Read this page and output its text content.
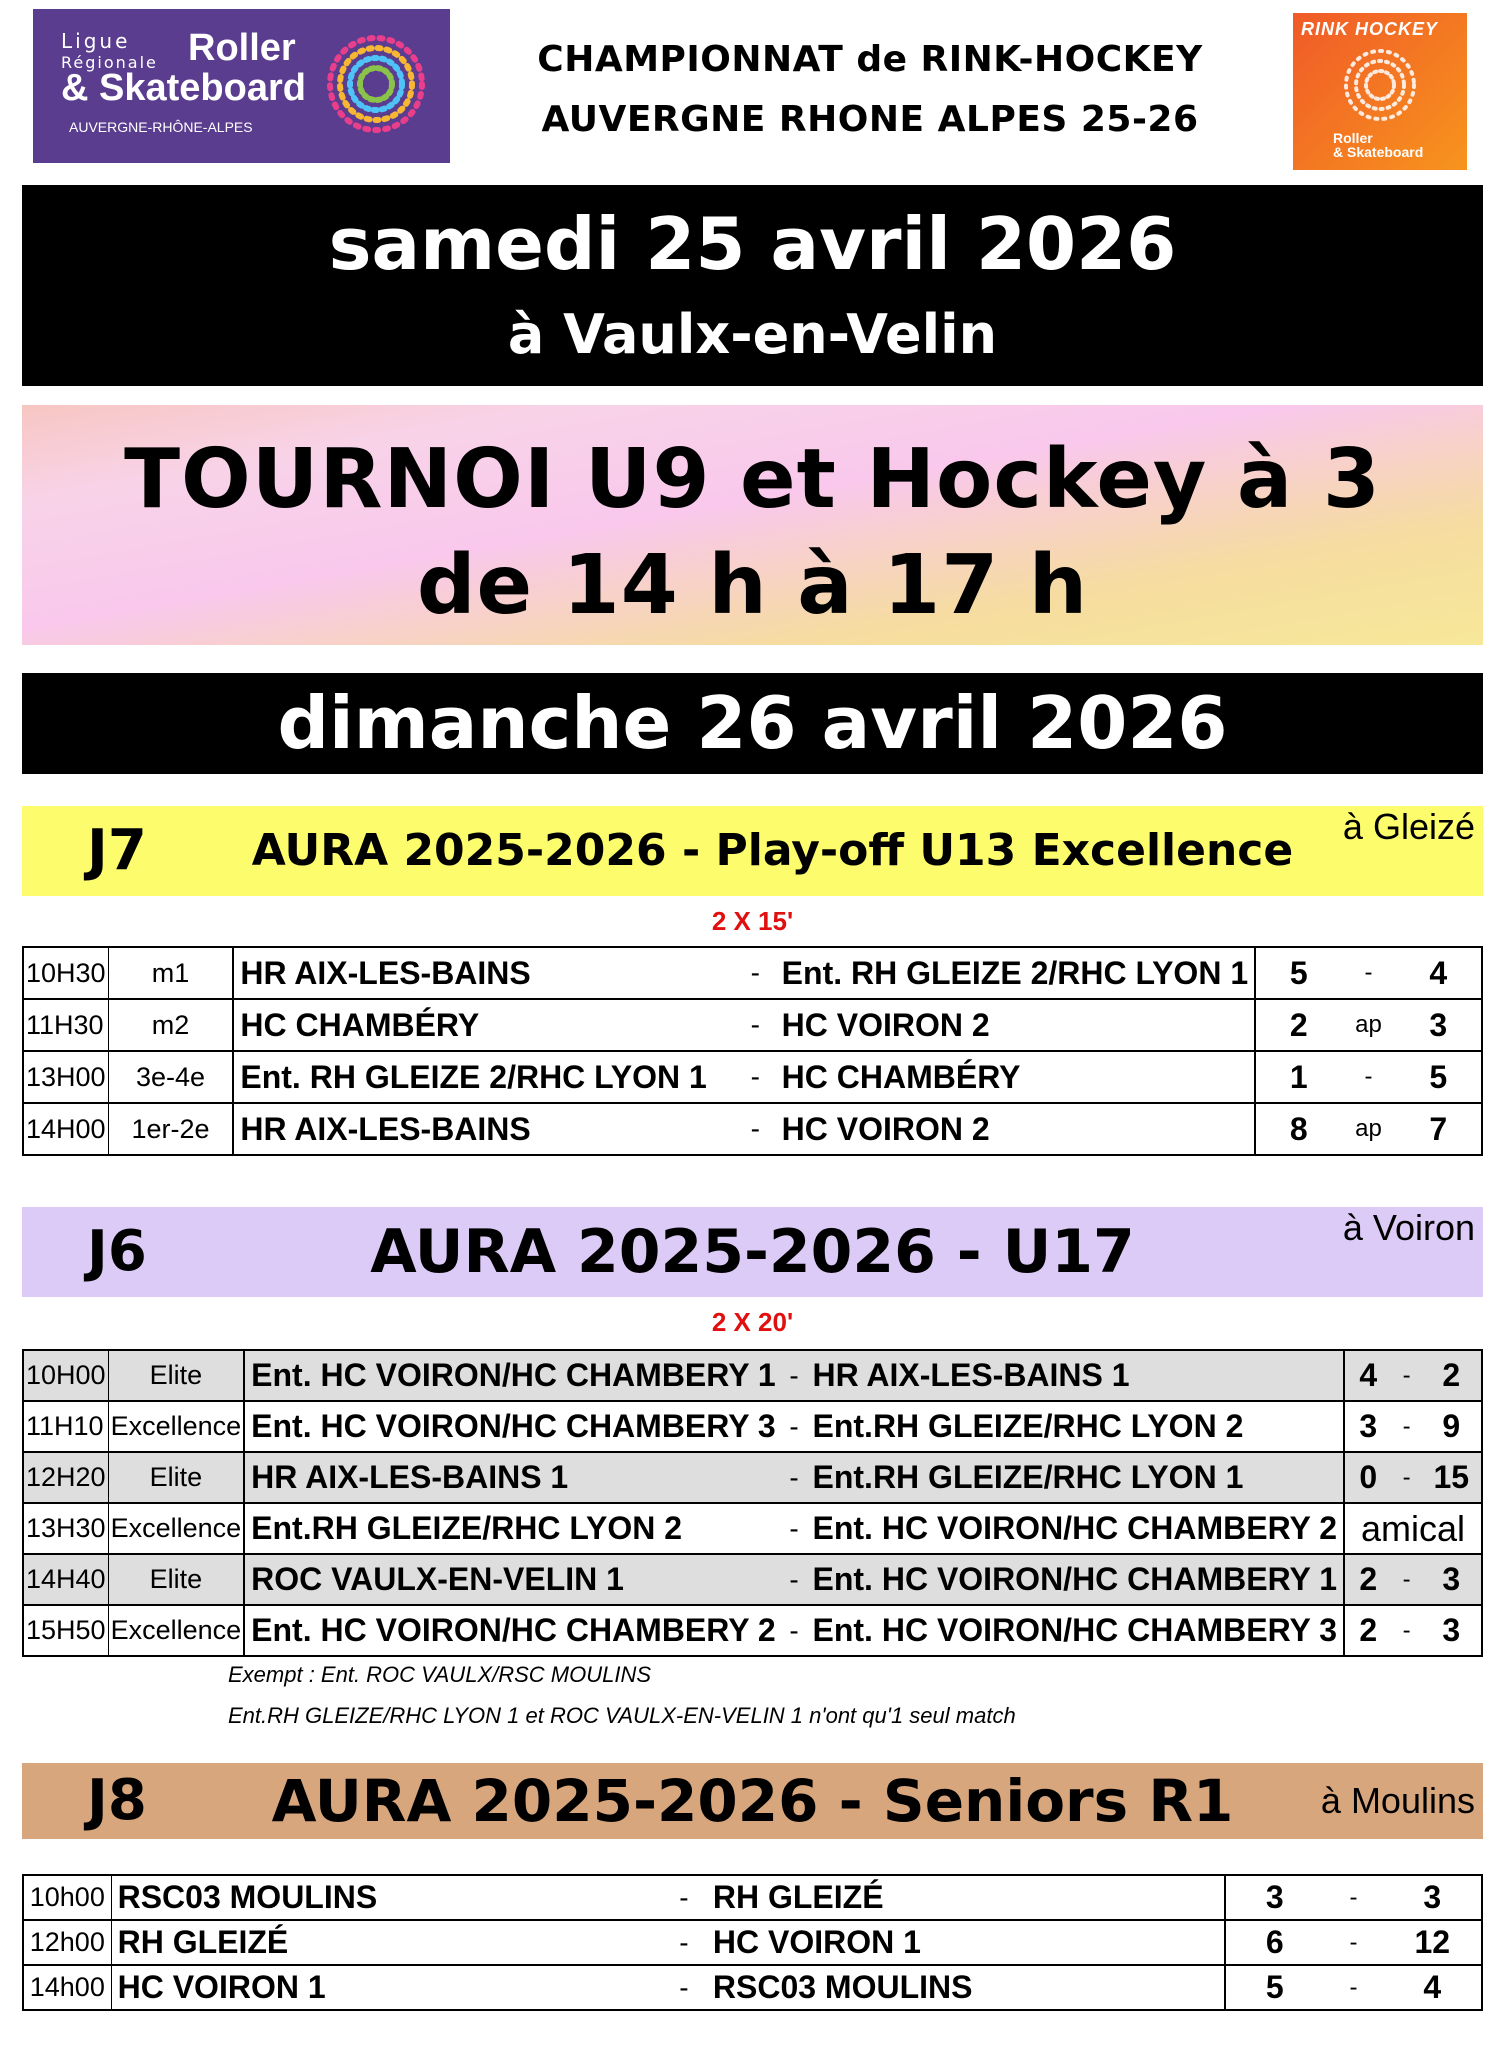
Ligue
Régionale Roller
& Skateboard
AUVERGNE-RHÔNE-ALPES
CHAMPIONNAT de RINK-HOCKEY
AUVERGNE RHONE ALPES 25-26
RINK HOCKEY
Roller
& Skateboard
samedi 25 avril 2026
à Vaulx-en-Velin
TOURNOI U9 et Hockey à 3
de 14 h à 17 h
dimanche 26 avril 2026
J7	AURA 2025-2026 - Play-off U13 Excellence	à Gleizé
2 X 15'
10H30	m1	HR AIX-LES-BAINS	-	Ent. RH GLEIZE 2/RHC LYON 1	5	-	4
11H30	m2	HC CHAMBÉRY	-	HC VOIRON 2	2	ap	3
13H00	3e-4e	Ent. RH GLEIZE 2/RHC LYON 1	-	HC CHAMBÉRY	1	-	5
14H00	1er-2e	HR AIX-LES-BAINS	-	HC VOIRON 2	8	ap	7
J6	AURA 2025-2026 - U17	à Voiron
2 X 20'
10H00	Elite	Ent. HC VOIRON/HC CHAMBERY 1	-	HR AIX-LES-BAINS 1	4	-	2
11H10	Excellence	Ent. HC VOIRON/HC CHAMBERY 3	-	Ent.RH GLEIZE/RHC LYON 2	3	-	9
12H20	Elite	HR AIX-LES-BAINS 1	-	Ent.RH GLEIZE/RHC LYON 1	0	-	15
13H30	Excellence	Ent.RH GLEIZE/RHC LYON 2	-	Ent. HC VOIRON/HC CHAMBERY 2	amical		
14H40	Elite	ROC VAULX-EN-VELIN 1	-	Ent. HC VOIRON/HC CHAMBERY 1	2	-	3
15H50	Excellence	Ent. HC VOIRON/HC CHAMBERY 2	-	Ent. HC VOIRON/HC CHAMBERY 3	2	-	3
Exempt : Ent. ROC VAULX/RSC MOULINS
Ent.RH GLEIZE/RHC LYON 1 et ROC VAULX-EN-VELIN 1 n'ont qu'1 seul match
J8	AURA 2025-2026 - Seniors R1	à Moulins
10h00	RSC03 MOULINS	-	RH GLEIZÉ	3	-	3
12h00	RH GLEIZÉ	-	HC VOIRON 1	6	-	12
14h00	HC VOIRON 1	-	RSC03 MOULINS	5	-	4
